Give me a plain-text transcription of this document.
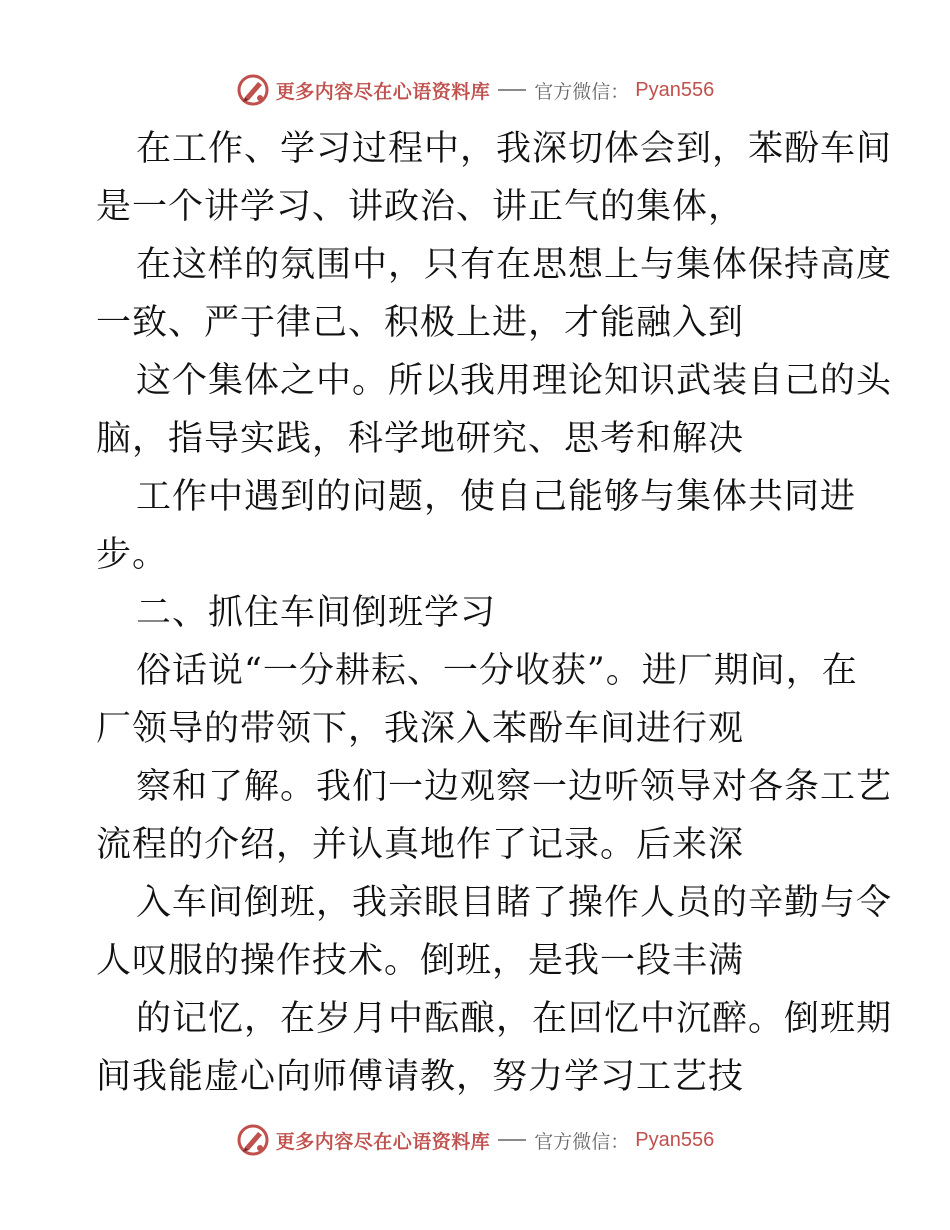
更多内容尽在心语资料库 官方微信： Pyan556
在工作、学习过程中，我深切体会到，苯酚车间
是一个讲学习、讲政治、讲正气的集体，
在这样的氛围中，只有在思想上与集体保持高度
一致、严于律己、积极上进，才能融入到
这个集体之中。所以我用理论知识武装自己的头
脑，指导实践，科学地研究、思考和解决
工作中遇到的问题，使自己能够与集体共同进
步。
二、抓住车间倒班学习
俗话说“一分耕耘、一分收获”。进厂期间，在
厂领导的带领下，我深入苯酚车间进行观
察和了解。我们一边观察一边听领导对各条工艺
流程的介绍，并认真地作了记录。后来深
入车间倒班，我亲眼目睹了操作人员的辛勤与令
人叹服的操作技术。倒班，是我一段丰满
的记忆，在岁月中酝酿，在回忆中沉醉。倒班期
间我能虚心向师傅请教，努力学习工艺技
更多内容尽在心语资料库 官方微信： Pyan556
